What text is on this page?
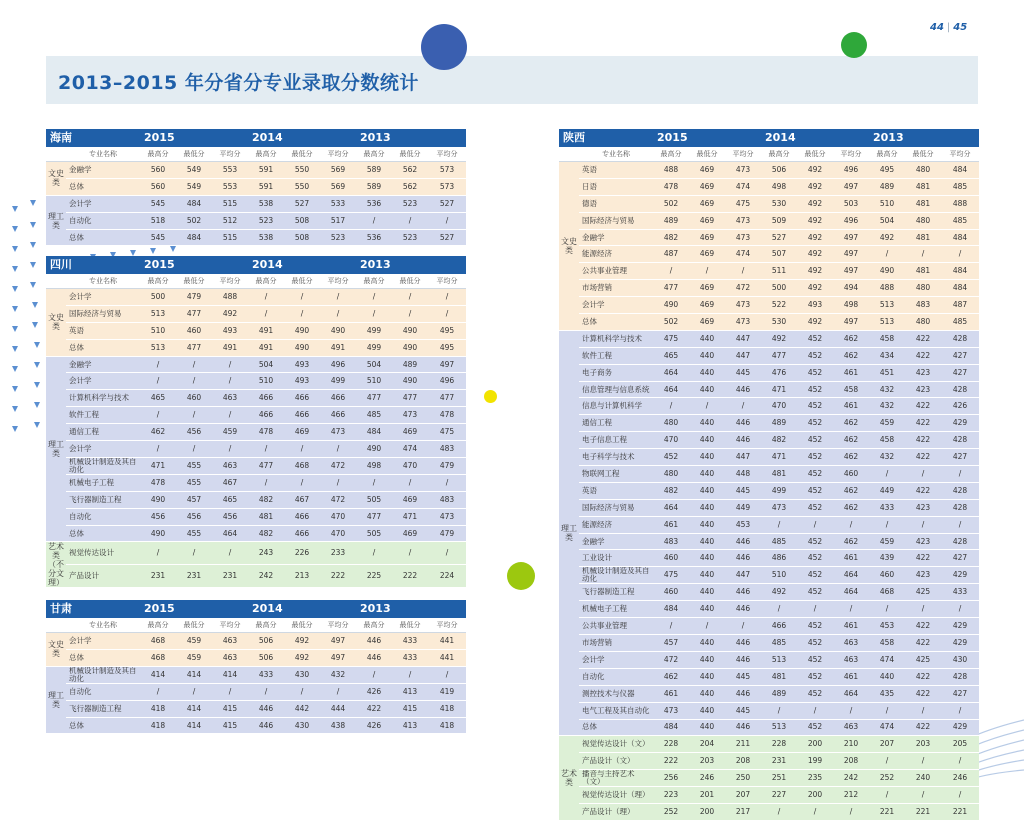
44 | 45
2013–2015 年分省分专业录取分数统计
海南		2015			2014			2013		
	专业名称	最高分	最低分	平均分	最高分	最低分	平均分	最高分	最低分	平均分
文史类	金融学	560	549	553	591	550	569	589	562	573
	总体	560	549	553	591	550	569	589	562	573
理工类	会计学	545	484	515	538	527	533	536	523	527
	自动化	518	502	512	523	508	517	/	/	/
	总体	545	484	515	538	508	523	536	523	527
四川		2015			2014			2013		
	专业名称	最高分	最低分	平均分	最高分	最低分	平均分	最高分	最低分	平均分
文史类	会计学	500	479	488	/	/	/	/	/	/
	国际经济与贸易	513	477	492	/	/	/	/	/	/
	英语	510	460	493	491	490	490	499	490	495
	总体	513	477	491	491	490	491	499	490	495
理工类	金融学	/	/	/	504	493	496	504	489	497
	会计学	/	/	/	510	493	499	510	490	496
	计算机科学与技术	465	460	463	466	466	466	477	477	477
	软件工程	/	/	/	466	466	466	485	473	478
	通信工程	462	456	459	478	469	473	484	469	475
	会计学	/	/	/	/	/	/	490	474	483
	机械设计制造及其自动化	471	455	463	477	468	472	498	470	479
	机械电子工程	478	455	467	/	/	/	/	/	/
	飞行器制造工程	490	457	465	482	467	472	505	469	483
	自动化	456	456	456	481	466	470	477	471	473
	总体	490	455	464	482	466	470	505	469	479
艺术类（不分文理）	视觉传达设计	/	/	/	243	226	233	/	/	/
	产品设计	231	231	231	242	213	222	225	222	224
甘肃		2015			2014			2013		
	专业名称	最高分	最低分	平均分	最高分	最低分	平均分	最高分	最低分	平均分
文史类	会计学	468	459	463	506	492	497	446	433	441
	总体	468	459	463	506	492	497	446	433	441
理工类	机械设计制造及其自动化	414	414	414	433	430	432	/	/	/
	自动化	/	/	/	/	/	/	426	413	419
	飞行器制造工程	418	414	415	446	442	444	422	415	418
	总体	418	414	415	446	430	438	426	413	418
陕西		2015			2014			2013		
	专业名称	最高分	最低分	平均分	最高分	最低分	平均分	最高分	最低分	平均分
文史类	英语	488	469	473	506	492	496	495	480	484
	日语	478	469	474	498	492	497	489	481	485
	德语	502	469	475	530	492	503	510	481	488
	国际经济与贸易	489	469	473	509	492	496	504	480	485
	金融学	482	469	473	527	492	497	492	481	484
	能源经济	487	469	474	507	492	497	/	/	/
	公共事业管理	/	/	/	511	492	497	490	481	484
	市场营销	477	469	472	500	492	494	488	480	484
	会计学	490	469	473	522	493	498	513	483	487
	总体	502	469	473	530	492	497	513	480	485
理工类	计算机科学与技术	475	440	447	492	452	462	458	422	428
	软件工程	465	440	447	477	452	462	434	422	427
	电子商务	464	440	445	476	452	461	451	423	427
	信息管理与信息系统	464	440	446	471	452	458	432	423	428
	信息与计算机科学	/	/	/	470	452	461	432	422	426
	通信工程	480	440	446	489	452	462	459	422	429
	电子信息工程	470	440	446	482	452	462	458	422	428
	电子科学与技术	452	440	447	471	452	462	432	422	427
	物联网工程	480	440	448	481	452	460	/	/	/
	英语	482	440	445	499	452	462	449	422	428
	国际经济与贸易	464	440	449	473	452	462	433	423	428
	能源经济	461	440	453	/	/	/	/	/	/
	金融学	483	440	446	485	452	462	459	423	428
	工业设计	460	440	446	486	452	461	439	422	427
	机械设计制造及其自动化	475	440	447	510	452	464	460	423	429
	飞行器制造工程	460	440	446	492	452	464	468	425	433
	机械电子工程	484	440	446	/	/	/	/	/	/
	公共事业管理	/	/	/	466	452	461	453	422	429
	市场营销	457	440	446	485	452	463	458	422	429
	会计学	472	440	446	513	452	463	474	425	430
	自动化	462	440	445	481	452	461	440	422	428
	测控技术与仪器	461	440	446	489	452	464	435	422	427
	电气工程及其自动化	473	440	445	/	/	/	/	/	/
	总体	484	440	446	513	452	463	474	422	429
艺术类	视觉传达设计（文）	228	204	211	228	200	210	207	203	205
	产品设计（文）	222	203	208	231	199	208	/	/	/
	播音与主持艺术（文）	256	246	250	251	235	242	252	240	246
	视觉传达设计（理）	223	201	207	227	200	212	/	/	/
	产品设计（理）	252	200	217	/	/	/	221	221	221
